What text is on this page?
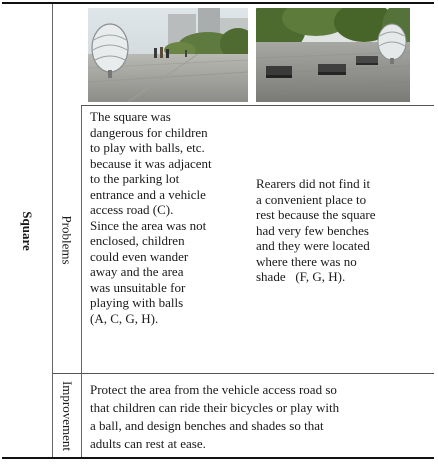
Square Problems
The square was
dangerous for children
to play with balls, etc.
because it was adjacent
to the parking lot
entrance and a vehicle
access road (C).
Since the area was not
enclosed, children
could even wander
away and the area
was unsuitable for
playing with balls
(A, C, G, H).
Rearers did not find it
a convenient place to
rest because the square
had very few benches
and they were located
where there was no
shade   (F, G, H).
Improvement Protect the area from the vehicle access road so
that children can ride their bicycles or play with
a ball, and design benches and shades so that
adults can rest at ease.
